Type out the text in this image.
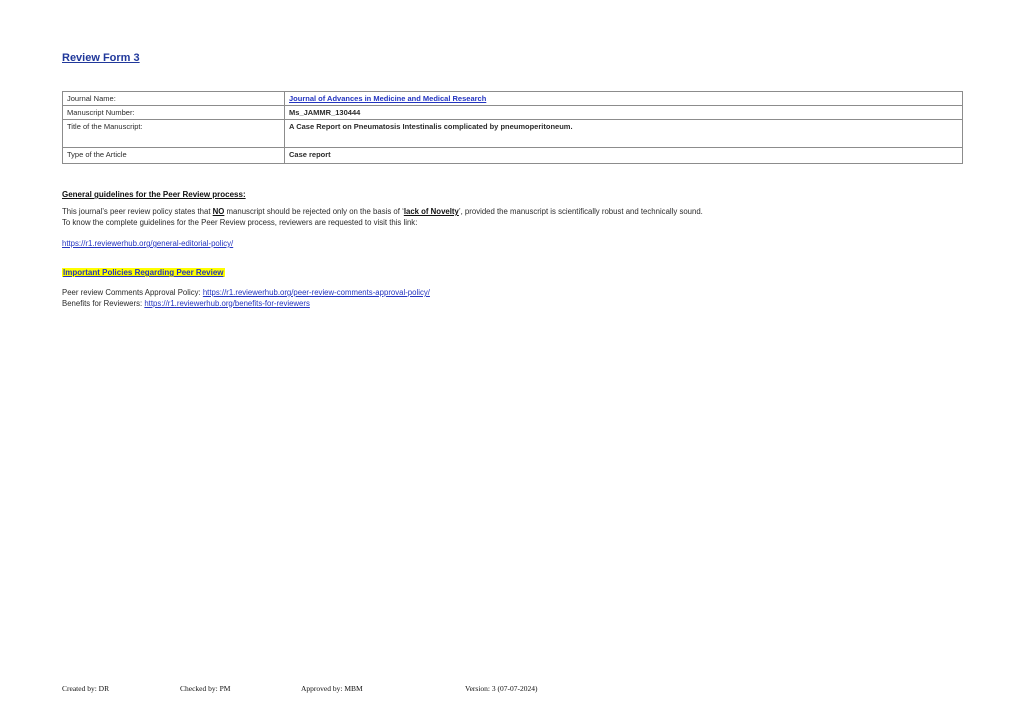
Review Form 3
Journal Name:	Journal of Advances in Medicine and Medical Research
Manuscript Number:	Ms_JAMMR_130444
Title of the Manuscript:	A Case Report on Pneumatosis Intestinalis complicated by pneumoperitoneum.
Type of the Article	Case report
General guidelines for the Peer Review process:
This journal’s peer review policy states that NO manuscript should be rejected only on the basis of ‘lack of Novelty’, provided the manuscript is scientifically robust and technically sound.
To know the complete guidelines for the Peer Review process, reviewers are requested to visit this link:
https://r1.reviewerhub.org/general-editorial-policy/
Important Policies Regarding Peer Review
Peer review Comments Approval Policy: https://r1.reviewerhub.org/peer-review-comments-approval-policy/
Benefits for Reviewers: https://r1.reviewerhub.org/benefits-for-reviewers
Created by: DR	Checked by: PM	Approved by: MBM	Version: 3 (07-07-2024)
